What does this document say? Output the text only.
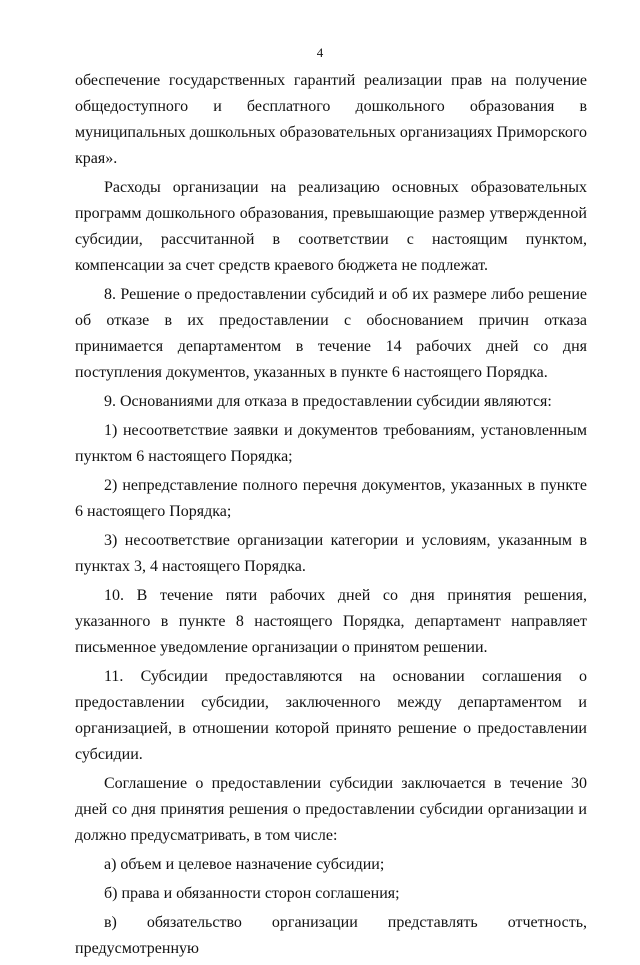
4

обеспечение государственных гарантий реализации прав на получение общедоступного и бесплатного дошкольного образования в муниципальных дошкольных образовательных организациях Приморского края».

Расходы организации на реализацию основных образовательных программ дошкольного образования, превышающие размер утвержденной субсидии, рассчитанной в соответствии с настоящим пунктом, компенсации за счет средств краевого бюджета не подлежат.

8. Решение о предоставлении субсидий и об их размере либо решение об отказе в их предоставлении с обоснованием причин отказа принимается департаментом в течение 14 рабочих дней со дня поступления документов, указанных в пункте 6 настоящего Порядка.

9. Основаниями для отказа в предоставлении субсидии являются:

1) несоответствие заявки и документов требованиям, установленным пунктом 6 настоящего Порядка;

2) непредставление полного перечня документов, указанных в пункте 6 настоящего Порядка;

3) несоответствие организации категории и условиям, указанным в пунктах 3, 4 настоящего Порядка.

10. В течение пяти рабочих дней со дня принятия решения, указанного в пункте 8 настоящего Порядка, департамент направляет письменное уведомление организации о принятом решении.

11. Субсидии предоставляются на основании соглашения о предоставлении субсидии, заключенного между департаментом и организацией, в отношении которой принято решение о предоставлении субсидии.

Соглашение о предоставлении субсидии заключается в течение 30 дней со дня принятия решения о предоставлении субсидии организации и должно предусматривать, в том числе:

а) объем и целевое назначение субсидии;

б) права и обязанности сторон соглашения;

в) обязательство организации представлять отчетность, предусмотренную
